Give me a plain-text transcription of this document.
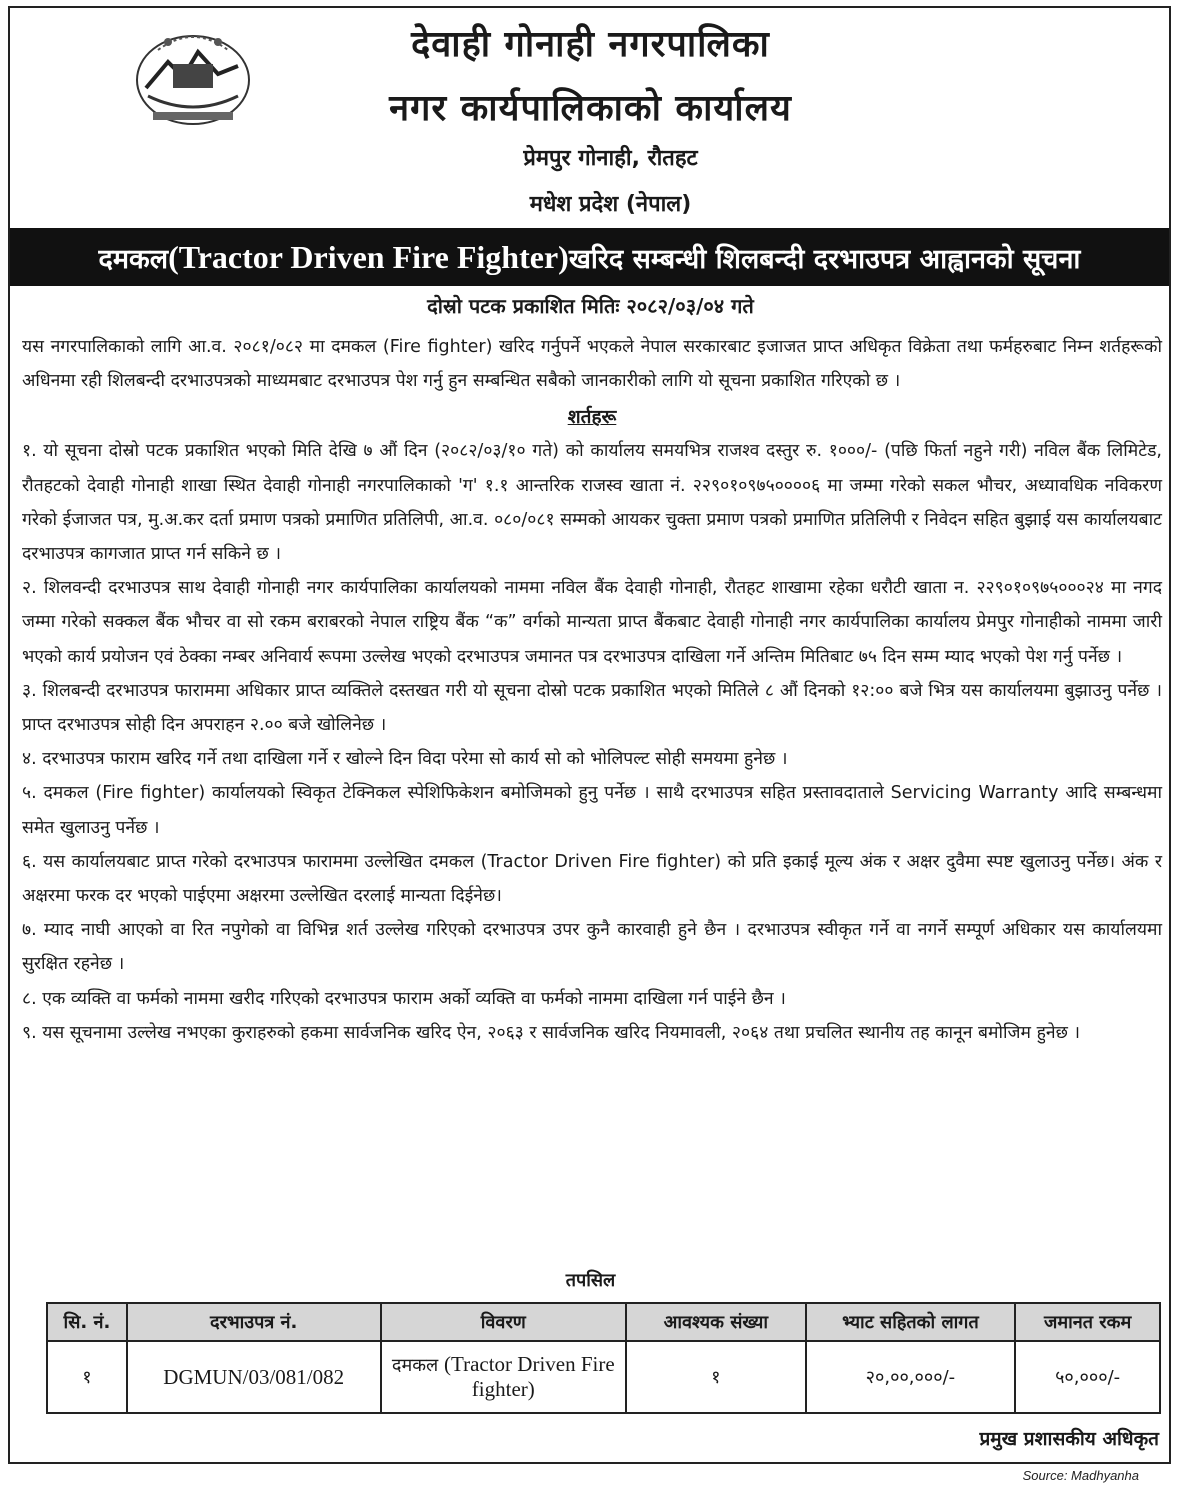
देवाही गोनाही नगरपालिका
नगर कार्यपालिकाको कार्यालय
प्रेमपुर गोनाही, रौतहट
मधेश प्रदेश (नेपाल)
दमकल (Tractor Driven Fire Fighter) खरिद सम्बन्धी शिलबन्दी दरभाउपत्र आह्वानको सूचना
दोस्रो पटक प्रकाशित मितिः २०८२/०३/०४ गते

यस नगरपालिकाको लागि आ.व. २०८१/०८२ मा दमकल (Fire fighter) खरिद गर्नुपर्ने भएकले नेपाल सरकारबाट इजाजत प्राप्त अधिकृत विक्रेता तथा फर्महरुबाट निम्न शर्तहरूको अधिनमा रही शिलबन्दी दरभाउपत्रको माध्यमबाट दरभाउपत्र पेश गर्नु हुन सम्बन्धित सबैको जानकारीको लागि यो सूचना प्रकाशित गरिएको छ ।

शर्तहरू
१. यो सूचना दोस्रो पटक प्रकाशित भएको मिति देखि ७ औं दिन (२०८२/०३/१० गते) को कार्यालय समयभित्र राजश्व दस्तुर रु. १०००/- (पछि फिर्ता नहुने गरी) नविल बैंक लिमिटेड, रौतहटको देवाही गोनाही शाखा स्थित देवाही गोनाही नगरपालिकाको 'ग' १.१ आन्तरिक राजस्व खाता नं. २२९०१०९७५००००६ मा जम्मा गरेको सकल भौचर, अध्यावधिक नविकरण गरेको ईजाजत पत्र, मु.अ.कर दर्ता प्रमाण पत्रको प्रमाणित प्रतिलिपी, आ.व. ०८०/०८१ सम्मको आयकर चुक्ता प्रमाण पत्रको प्रमाणित प्रतिलिपी र निवेदन सहित बुझाई यस कार्यालयबाट दरभाउपत्र कागजात प्राप्त गर्न सकिने छ ।
२. शिलवन्दी दरभाउपत्र साथ देवाही गोनाही नगर कार्यपालिका कार्यालयको नाममा नविल बैंक देवाही गोनाही, रौतहट शाखामा रहेका धरौटी खाता न. २२९०१०९७५०००२४ मा नगद जम्मा गरेको सक्कल बैंक भौचर वा सो रकम बराबरको नेपाल राष्ट्रिय बैंक “क” वर्गको मान्यता प्राप्त बैंकबाट देवाही गोनाही नगर कार्यपालिका कार्यालय प्रेमपुर गोनाहीको नाममा जारी भएको कार्य प्रयोजन एवं ठेक्का नम्बर अनिवार्य रूपमा उल्लेख भएको दरभाउपत्र जमानत पत्र दरभाउपत्र दाखिला गर्ने अन्तिम मितिबाट ७५ दिन सम्म म्याद भएको पेश गर्नु पर्नेछ ।
३. शिलबन्दी दरभाउपत्र फाराममा अधिकार प्राप्त व्यक्तिले दस्तखत गरी यो सूचना दोस्रो पटक प्रकाशित भएको मितिले ८ औं दिनको १२:०० बजे भित्र यस कार्यालयमा बुझाउनु पर्नेछ । प्राप्त दरभाउपत्र सोही दिन अपराहन २.०० बजे खोलिनेछ ।
४. दरभाउपत्र फाराम खरिद गर्ने तथा दाखिला गर्ने र खोल्ने दिन विदा परेमा सो कार्य सो को भोलिपल्ट सोही समयमा हुनेछ ।
५. दमकल (Fire fighter) कार्यालयको स्विकृत टेक्निकल स्पेशिफिकेशन बमोजिमको हुनु पर्नेछ । साथै दरभाउपत्र सहित प्रस्तावदाताले Servicing Warranty आदि सम्बन्धमा समेत खुलाउनु पर्नेछ ।
६. यस कार्यालयबाट प्राप्त गरेको दरभाउपत्र फाराममा उल्लेखित दमकल (Tractor Driven Fire fighter) को प्रति इकाई मूल्य अंक र अक्षर दुवैमा स्पष्ट खुलाउनु पर्नेछ। अंक र अक्षरमा फरक दर भएको पाईएमा अक्षरमा उल्लेखित दरलाई मान्यता दिईनेछ।
७. म्याद नाघी आएको वा रित नपुगेको वा विभिन्न शर्त उल्लेख गरिएको दरभाउपत्र उपर कुनै कारवाही हुने छैन । दरभाउपत्र स्वीकृत गर्ने वा नगर्ने सम्पूर्ण अधिकार यस कार्यालयमा सुरक्षित रहनेछ ।
८. एक व्यक्ति वा फर्मको नाममा खरीद गरिएको दरभाउपत्र फाराम अर्को व्यक्ति वा फर्मको नाममा दाखिला गर्न पाईने छैन ।
९. यस सूचनामा उल्लेख नभएका कुराहरुको हकमा सार्वजनिक खरिद ऐन, २०६३ र सार्वजनिक खरिद नियमावली, २०६४ तथा प्रचलित स्थानीय तह कानून बमोजिम हुनेछ ।
तपसिल
सि. नं.	दरभाउपत्र नं.	विवरण	आवश्यक संख्या	भ्याट सहितको लागत	जमानत रकम
१	DGMUN/03/081/082	दमकल (Tractor Driven Fire fighter)	१	२०,००,०००/-	५०,०००/-
प्रमुख प्रशासकीय अधिकृत
Source: Madhyanha
